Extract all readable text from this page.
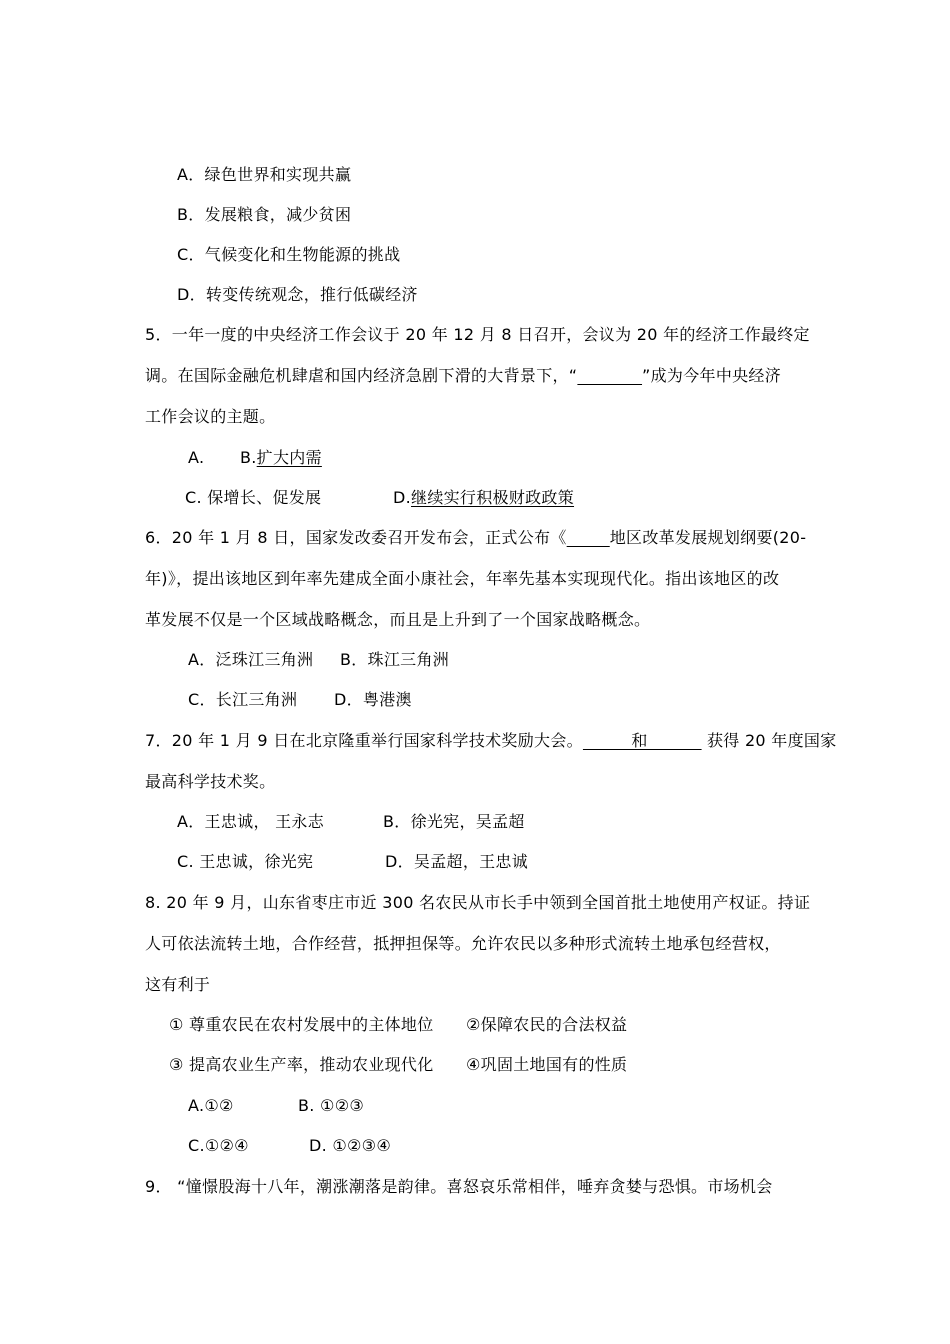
A．绿色世界和实现共赢
B．发展粮食，减少贫困
C．气候变化和生物能源的挑战
D．转变传统观念，推行低碳经济
5．一年一度的中央经济工作会议于 20 年 12 月 8 日召开，会议为 20 年的经济工作最终定
调。在国际金融危机肆虐和国内经济急剧下滑的大背景下，“	”成为今年中央经济
工作会议的主题。
A. B.扩大内需
C. 保增长、促发展	D.继续实行积极财政政策
6．20 年 1 月 8 日，国家发改委召开发布会，正式公布《	地区改革发展规划纲要(20-
年)》，提出该地区到年率先建成全面小康社会，年率先基本实现现代化。指出该地区的改
革发展不仅是一个区域战略概念，而且是上升到了一个国家战略概念。
A．泛珠江三角洲 B．珠江三角洲
C．长江三角洲 D．粤港澳
7．20 年 1 月 9 日在北京隆重举行国家科学技术奖励大会。         和           获得 20 年度国家
最高科学技术奖。
A．王忠诚， 王永志	B．徐光宪，吴孟超
C. 王忠诚，徐光宪	D．吴孟超，王忠诚
8. 20 年 9 月，山东省枣庄市近 300 名农民从市长手中领到全国首批土地使用产权证。持证
人可依法流转土地，合作经营，抵押担保等。允许农民以多种形式流转土地承包经营权，
这有利于
① 尊重农民在农村发展中的主体地位 ②保障农民的合法权益
③ 提高农业生产率，推动农业现代化 ④巩固土地国有的性质
A.①②	B. ①②③
C.①②④	D. ①②③④
9． “憧憬股海十八年，潮涨潮落是韵律。喜怒哀乐常相伴，唾弃贪婪与恐惧。市场机会
